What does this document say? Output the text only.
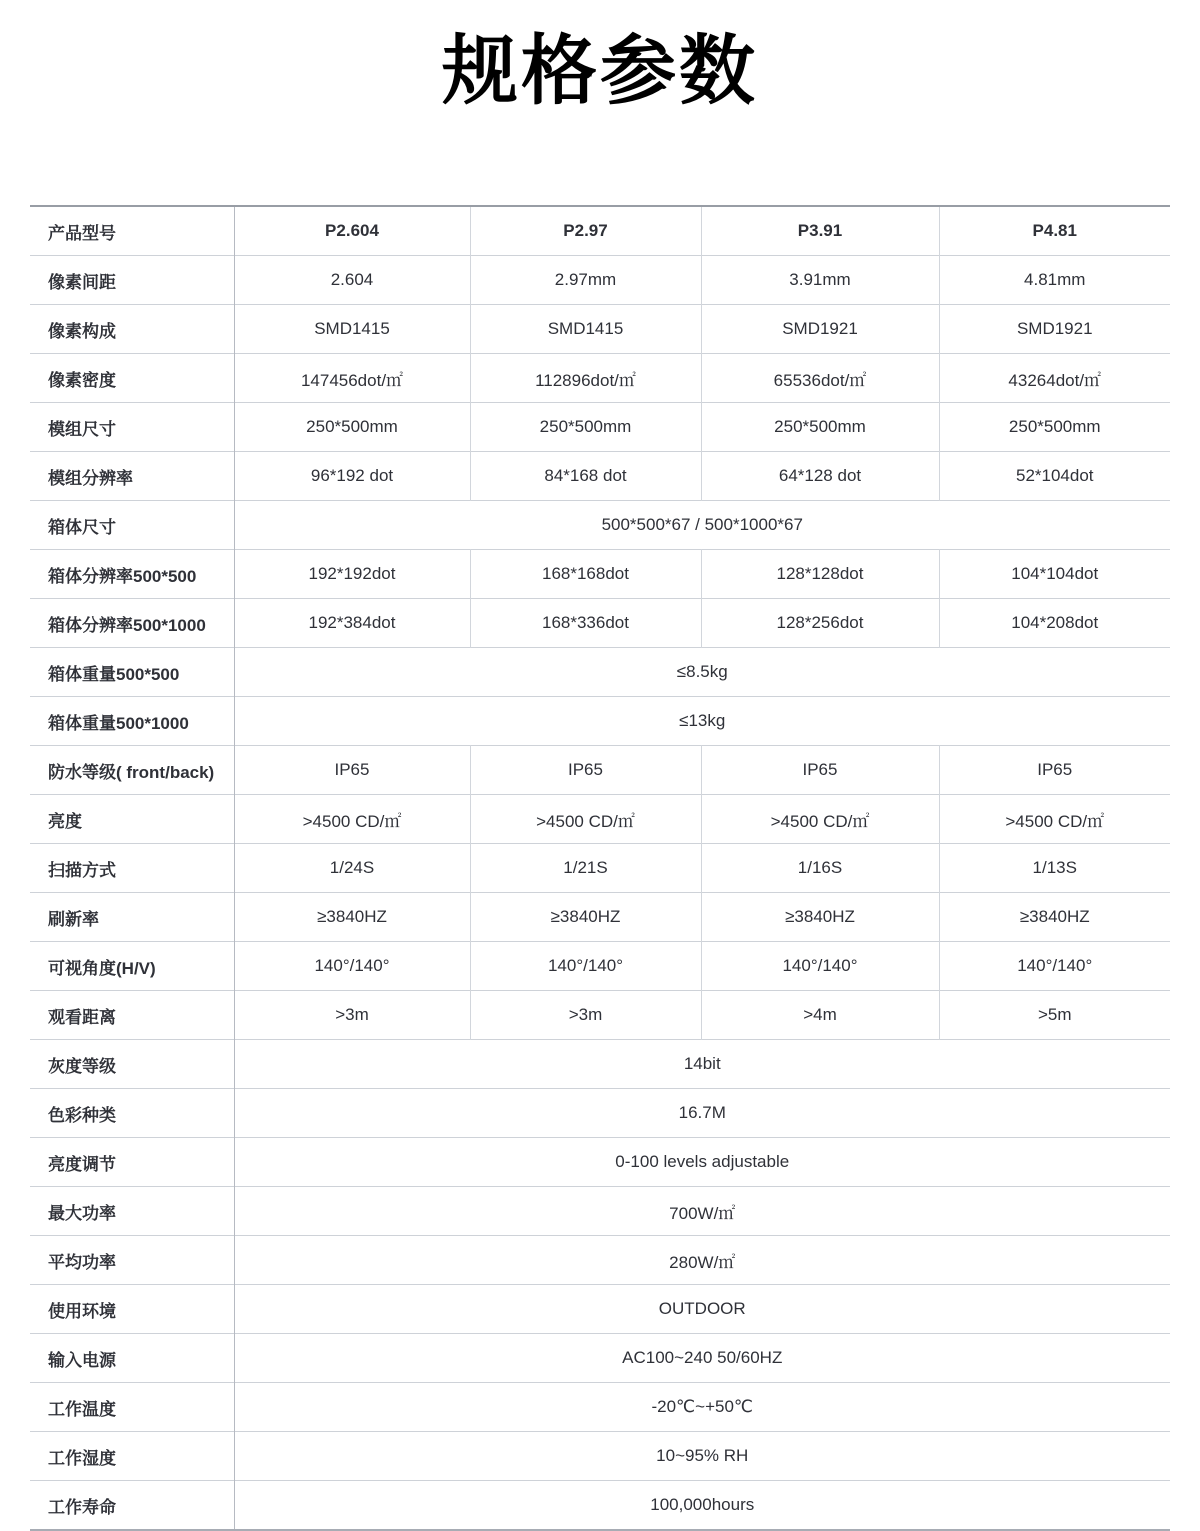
规格参数
产品型号	P2.604	P2.97	P3.91	P4.81
像素间距	2.604	2.97mm	3.91mm	4.81mm
像素构成	SMD1415	SMD1415	SMD1921	SMD1921
像素密度	147456dot/㎡	112896dot/㎡	65536dot/㎡	43264dot/㎡
模组尺寸	250*500mm	250*500mm	250*500mm	250*500mm
模组分辨率	96*192 dot	84*168 dot	64*128 dot	52*104dot
箱体尺寸	500*500*67 / 500*1000*67			
箱体分辨率500*500	192*192dot	168*168dot	128*128dot	104*104dot
箱体分辨率500*1000	192*384dot	168*336dot	128*256dot	104*208dot
箱体重量500*500	≤8.5kg			
箱体重量500*1000	≤13kg			
防水等级( front/back)	IP65	IP65	IP65	IP65
亮度	>4500 CD/㎡	>4500 CD/㎡	>4500 CD/㎡	>4500 CD/㎡
扫描方式	1/24S	1/21S	1/16S	1/13S
刷新率	≥3840HZ	≥3840HZ	≥3840HZ	≥3840HZ
可视角度(H/V)	140°/140°	140°/140°	140°/140°	140°/140°
观看距离	>3m	>3m	>4m	>5m
灰度等级	14bit			
色彩种类	16.7M			
亮度调节	0-100 levels adjustable			
最大功率	700W/㎡			
平均功率	280W/㎡			
使用环境	OUTDOOR			
输入电源	AC100~240 50/60HZ			
工作温度	-20℃~+50℃			
工作湿度	10~95% RH			
工作寿命	100,000hours			
